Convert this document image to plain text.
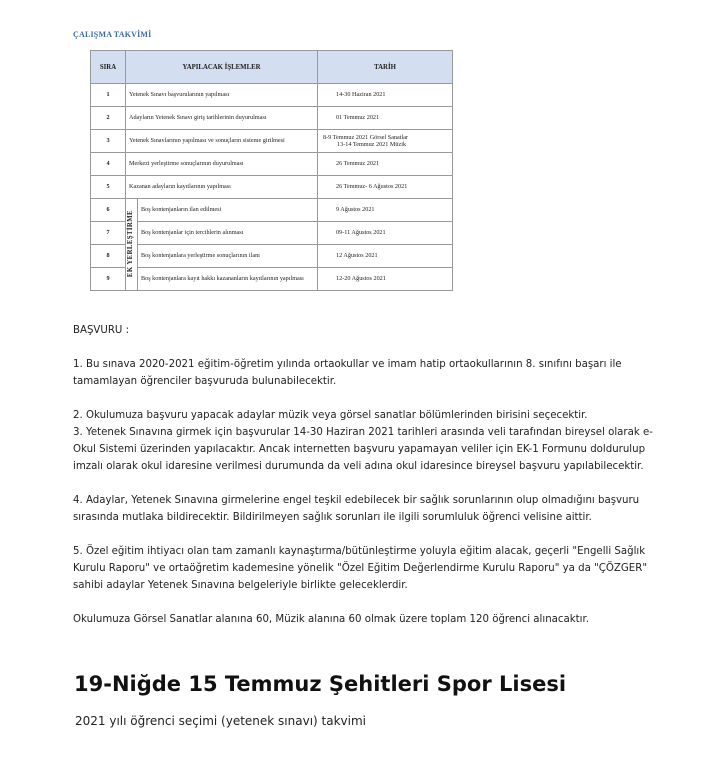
ÇALIŞMA TAKVİMİ
SIRA	YAPILACAK İŞLEMLER		TARİH
1	Yetenek Sınavı başvurularının yapılması		14-30 Haziran 2021
2	Adayların Yetenek Sınavı giriş tarihlerinin duyurulması		01 Temmuz 2021
3	Yetenek Sınavlarının yapılması ve sonuçların sisteme girilmesi		8-9 Temmuz 2021 Görsel Sanatlar
13-14 Temmuz 2021 Müzik

4	Merkezi yerleştirme sonuçlarının duyurulması		26 Temmuz 2021
5	Kazanan adayların kayıtlarının yapılması		26 Temmuz- 6 Ağustos 2021
6	EK YERLEŞTİRME	Boş kontenjanların ilan edilmesi	9 Ağustos 2021
7		Boş kontenjanlar için tercihlerin alınması	09-11 Ağustos 2021
8		Boş kontenjanlara yerleştirme sonuçlarının ilanı	12 Ağustos 2021
9		Boş kontenjanlara kayıt hakkı kazananların kayıtlarının yapılması	12-20 Ağustos 2021

BAŞVURU :

1. Bu sınava 2020-2021 eğitim-öğretim yılında ortaokullar ve imam hatip ortaokullarının 8. sınıfını başarı ile tamamlayan öğrenciler başvuruda bulunabilecektir.

2. Okulumuza başvuru yapacak adaylar müzik veya görsel sanatlar bölümlerinden birisini seçecektir.

3. Yetenek Sınavına girmek için başvurular 14-30 Haziran 2021 tarihleri arasında veli tarafından bireysel olarak e-Okul Sistemi üzerinden yapılacaktır. Ancak internetten başvuru yapamayan veliler için EK-1 Formunu doldurulup imzalı olarak okul idaresine verilmesi durumunda da veli adına okul idaresince bireysel başvuru yapılabilecektir.

4. Adaylar, Yetenek Sınavına girmelerine engel teşkil edebilecek bir sağlık sorunlarının olup olmadığını başvuru sırasında mutlaka bildirecektir. Bildirilmeyen sağlık sorunları ile ilgili sorumluluk öğrenci velisine aittir.

5. Özel eğitim ihtiyacı olan tam zamanlı kaynaştırma/bütünleştirme yoluyla eğitim alacak, geçerli "Engelli Sağlık Kurulu Raporu" ve ortaöğretim kademesine yönelik "Özel Eğitim Değerlendirme Kurulu Raporu" ya da "ÇÖZGER" sahibi adaylar Yetenek Sınavına belgeleriyle birlikte geleceklerdir.

Okulumuza Görsel Sanatlar alanına 60, Müzik alanına 60 olmak üzere toplam 120 öğrenci alınacaktır.

19-Niğde 15 Temmuz Şehitleri Spor Lisesi
2021 yılı öğrenci seçimi (yetenek sınavı) takvimi
